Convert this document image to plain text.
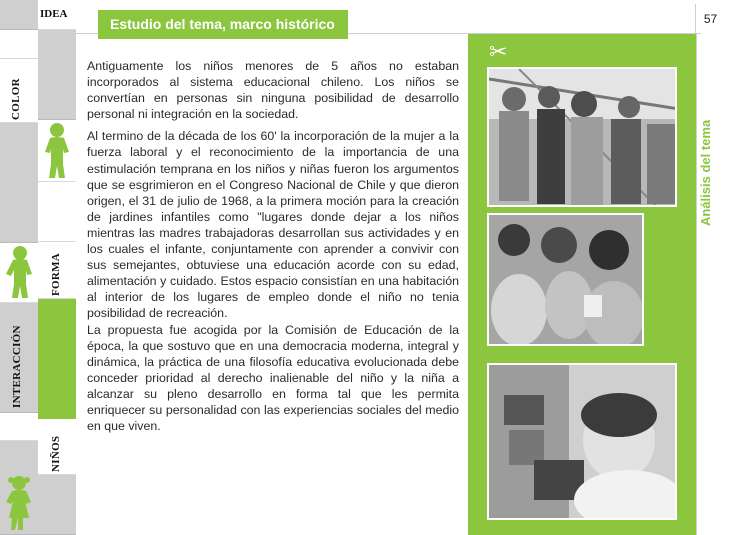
COLOR
INTERACCIÓN
IDEA
FORMA
NIÑOS
Estudio del tema, marco histórico	57

Antiguamente los niños menores de 5 años no estaban incorporados al sistema educacional chileno. Los niños se convertían en personas sin ninguna posibilidad de desarrollo personal ni integración en la sociedad.

Al termino de la década de los 60' la incorporación de la mujer a la fuerza laboral y el reconocimiento de la importancia de una estimulación temprana en los niños y niñas fueron los argumentos que se esgrimieron en el Congreso Nacional de Chile y que dieron origen, el 31 de julio de 1968, a la primera moción para la creación de jardines infantiles como "lugares donde dejar a los niños mientras las madres trabajadoras desarrollan sus actividades y en los cuales el infante, conjuntamente con aprender a convivir con sus semejantes, obtuviese una educación acorde con su edad, alimentación y cuidado. Estos espacio consistían en una habitación al interior de los lugares de empleo donde el niño no tenia posibilidad de recreación.

La propuesta fue acogida por la Comisión de Educación de la época, la que sostuvo que en una democracia moderna, integral y dinámica, la práctica de una filosofía educativa evolucionada debe conceder prioridad al derecho inalienable del niño y la niña a alcanzar su pleno desarrollo en forma tal que les permita enriquecer su personalidad con las experiencias sociales del medio en que viven.

✂
Análisis del tema
